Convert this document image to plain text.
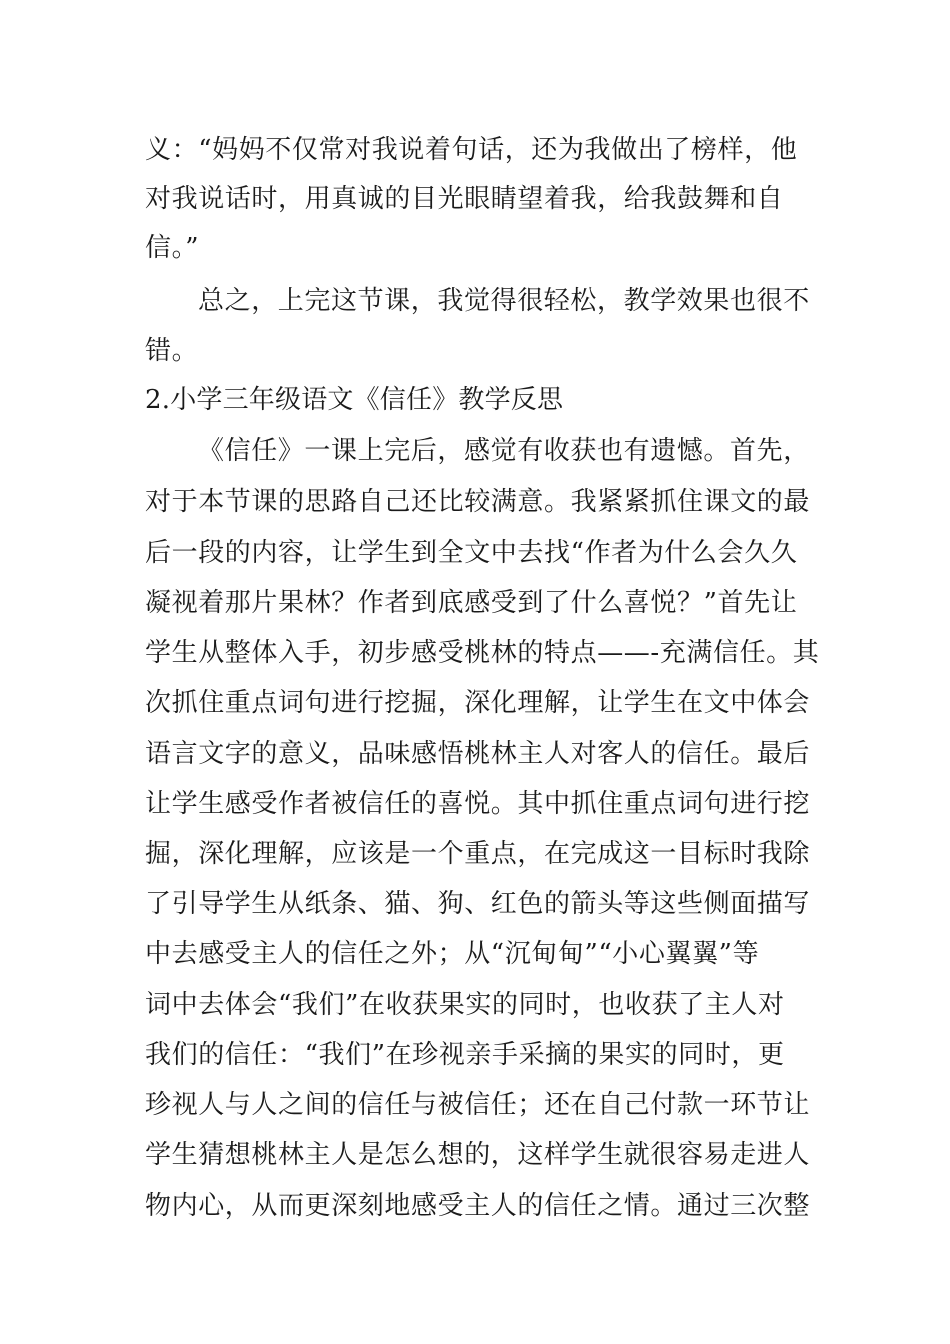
义：“妈妈不仅常对我说着句话，还为我做出了榜样，他
对我说话时，用真诚的目光眼睛望着我，给我鼓舞和自
信。”
总之，上完这节课，我觉得很轻松，教学效果也很不
错。
2.小学三年级语文《信任》教学反思
《信任》一课上完后，感觉有收获也有遗憾。首先，
对于本节课的思路自己还比较满意。我紧紧抓住课文的最
后一段的内容，让学生到全文中去找“作者为什么会久久
凝视着那片果林？作者到底感受到了什么喜悦？”首先让
学生从整体入手，初步感受桃林的特点——-充满信任。其
次抓住重点词句进行挖掘，深化理解，让学生在文中体会
语言文字的意义，品味感悟桃林主人对客人的信任。最后
让学生感受作者被信任的喜悦。其中抓住重点词句进行挖
掘，深化理解，应该是一个重点，在完成这一目标时我除
了引导学生从纸条、猫、狗、红色的箭头等这些侧面描写
中去感受主人的信任之外；从“沉甸甸”“小心翼翼”等
词中去体会“我们”在收获果实的同时，也收获了主人对
我们的信任：“我们”在珍视亲手采摘的果实的同时，更
珍视人与人之间的信任与被信任；还在自己付款一环节让
学生猜想桃林主人是怎么想的，这样学生就很容易走进人
物内心，从而更深刻地感受主人的信任之情。通过三次整
